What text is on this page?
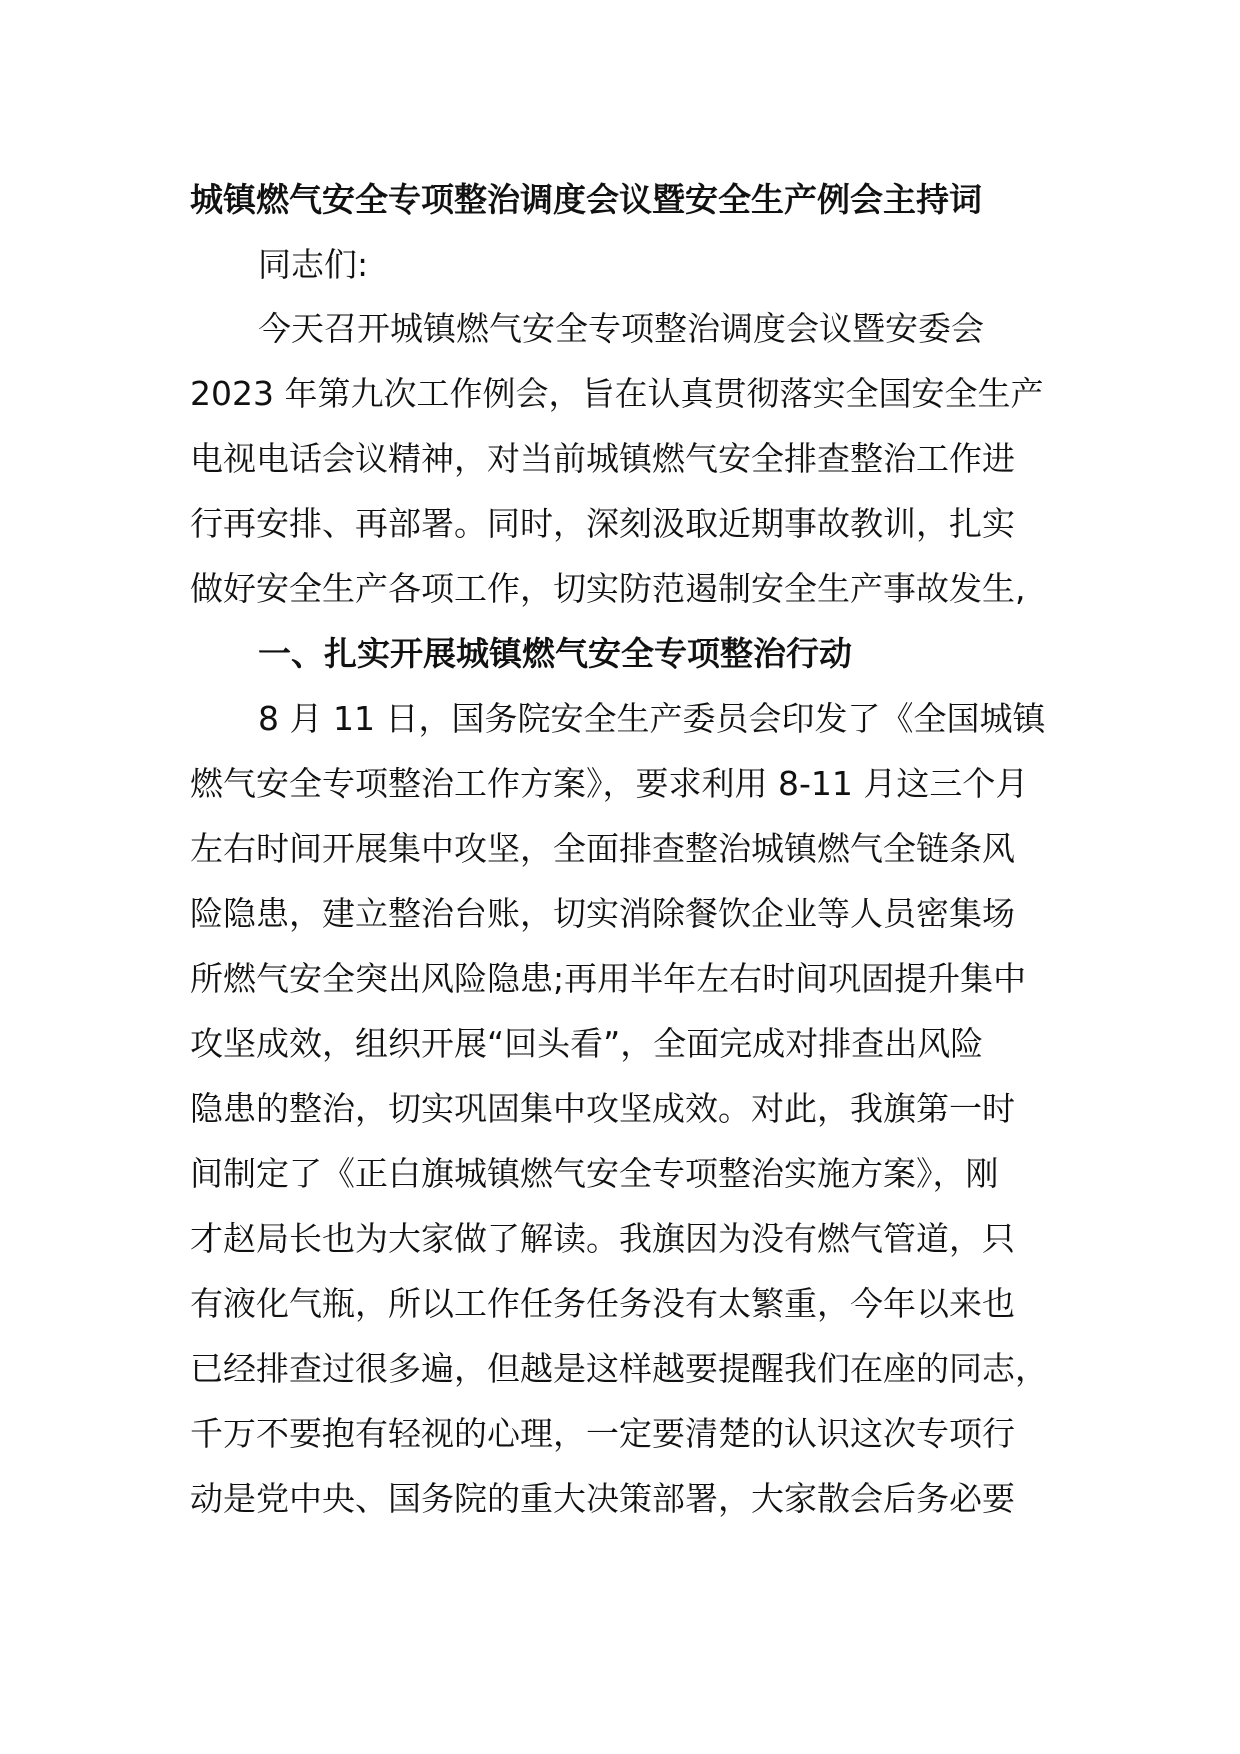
城镇燃气安全专项整治调度会议暨安全生产例会主持词
同志们:
今天召开城镇燃气安全专项整治调度会议暨安委会
2023 年第九次工作例会，旨在认真贯彻落实全国安全生产
电视电话会议精神，对当前城镇燃气安全排查整治工作进
行再安排、再部署。同时，深刻汲取近期事故教训，扎实
做好安全生产各项工作，切实防范遏制安全生产事故发生,
一、扎实开展城镇燃气安全专项整治行动
8 月 11 日，国务院安全生产委员会印发了《全国城镇
燃气安全专项整治工作方案》，要求利用 8-11 月这三个月
左右时间开展集中攻坚，全面排查整治城镇燃气全链条风
险隐患，建立整治台账，切实消除餐饮企业等人员密集场
所燃气安全突出风险隐患;再用半年左右时间巩固提升集中
攻坚成效，组织开展“回头看”，全面完成对排查出风险
隐患的整治，切实巩固集中攻坚成效。对此，我旗第一时
间制定了《正白旗城镇燃气安全专项整治实施方案》，刚
才赵局长也为大家做了解读。我旗因为没有燃气管道，只
有液化气瓶，所以工作任务任务没有太繁重，今年以来也
已经排查过很多遍，但越是这样越要提醒我们在座的同志，
千万不要抱有轻视的心理，一定要清楚的认识这次专项行
动是党中央、国务院的重大决策部署，大家散会后务必要
